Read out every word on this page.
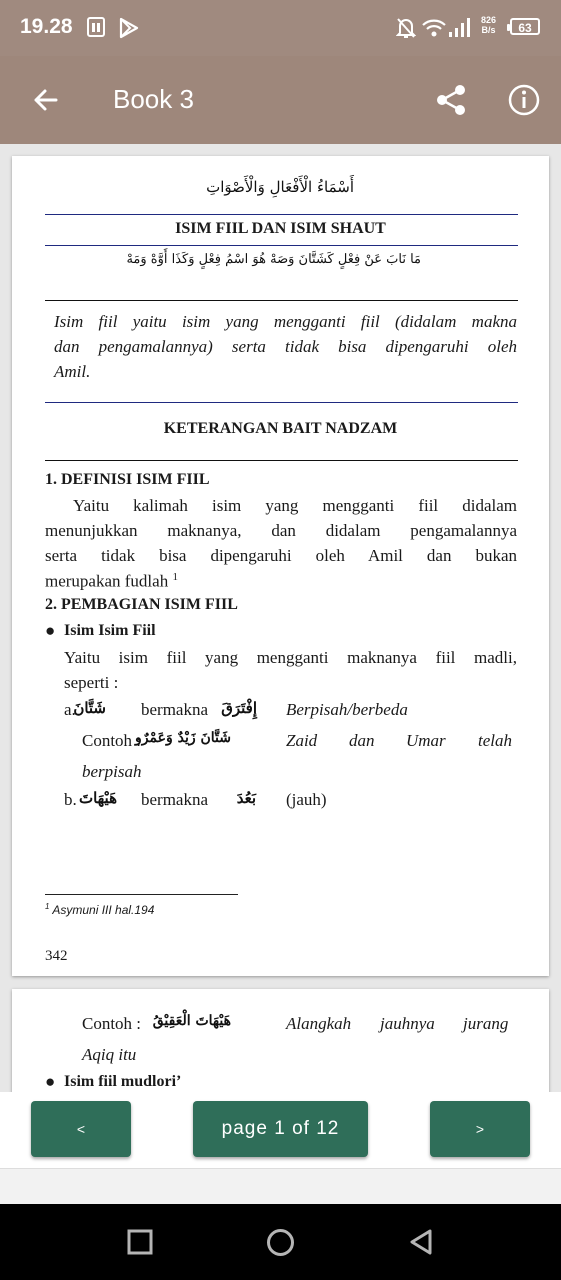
19.28	826
B/s	63
Book 3
أَسْمَاءُ الْأَفْعَالِ وَالْأَصْوَاتِ
ISIM FIIL DAN ISIM SHAUT
مَا نَابَ عَنْ فِعْلٍ كَشَتَّانَ وَصَهْ هُوَ اسْمُ فِعْلٍ وَكَذَا أَوَّهْ وَمَهْ
Isim fiil yaitu isim yang mengganti fiil (didalam makna
dan pengamalannya) serta tidak bisa dipengaruhi oleh
Amil.
KETERANGAN BAIT NADZAM
1. DEFINISI ISIM FIIL
Yaitu kalimah isim yang mengganti fiil didalam
menunjukkan maknanya, dan didalam pengamalannya
serta tidak bisa dipengaruhi oleh Amil dan bukan
merupakan fudlah $^1$
2. PEMBAGIAN ISIM FIIL
● Isim Isim Fiil
Yaitu isim fiil yang mengganti maknanya fiil madli,
seperti :
a.
شَتَّانَ bermakna إِفْتَرَقَ Berpisah/berbeda
Contoh :
شَتَّانَ زَيْدٌ وَعَمْرٌو	Zaid dan Umar telah
berpisah
b. هَيْهَاتَ bermakna بَعُدَ (jauh)
$^1$ Asymuni III hal.194
342
Contoh : هَيْهَاتَ الْعَقِيْقُ	Alangkah jauhnya jurang
Aqiq itu
● Isim fiil mudlori’
<	page 1 of 12	>
